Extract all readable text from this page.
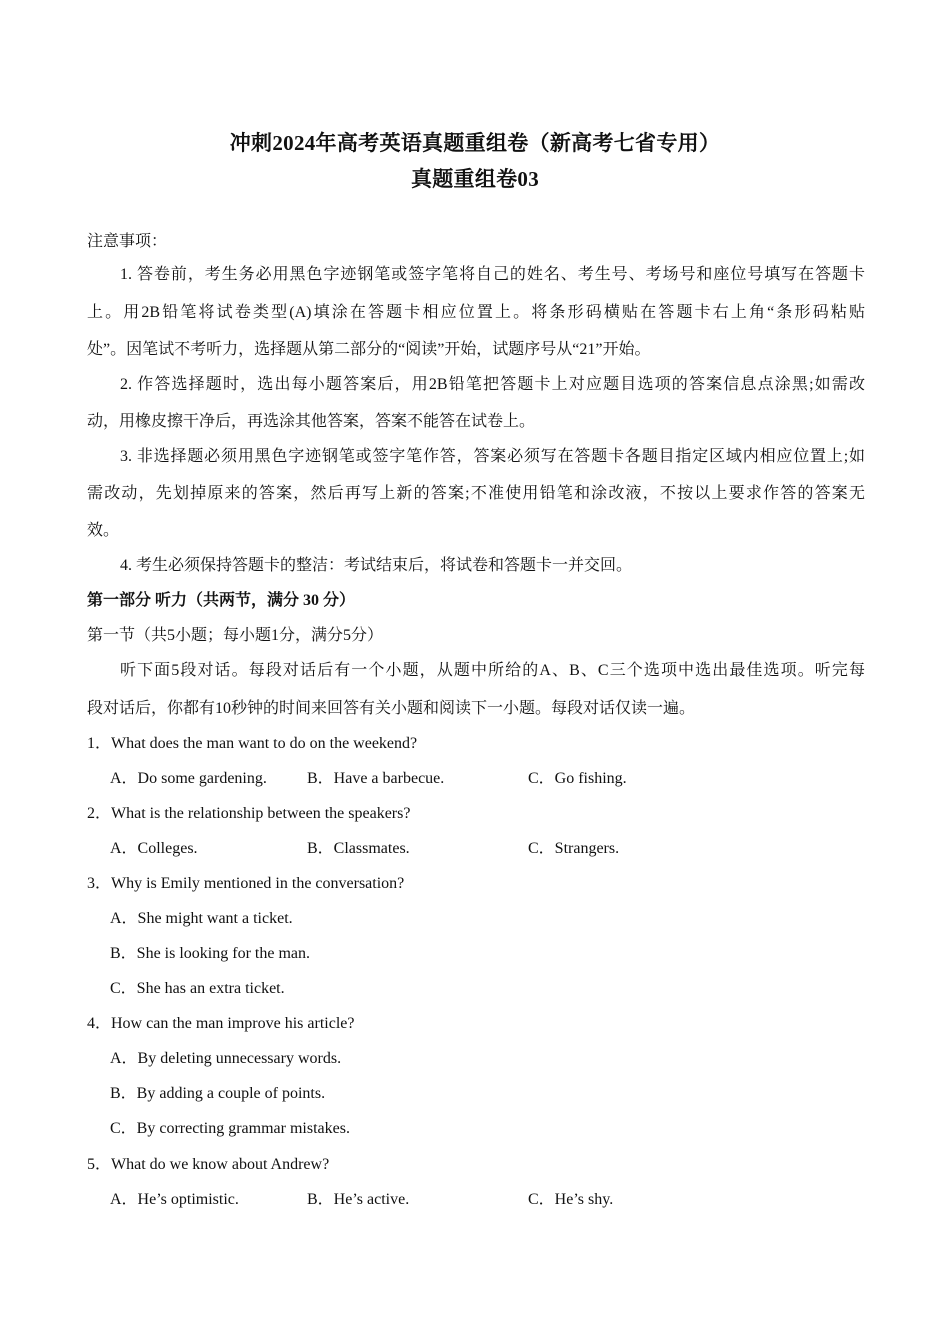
冲刺2024年高考英语真题重组卷（新高考七省专用）
真题重组卷03
注意事项：
1. 答卷前，考生务必用黑色字迹钢笔或签字笔将自己的姓名、考生号、考场号和座位号填写在答题卡
上。用2B铅笔将试卷类型(A)填涂在答题卡相应位置上。将条形码横贴在答题卡右上角“条形码粘贴
处”。因笔试不考听力，选择题从第二部分的“阅读”开始，试题序号从“21”开始。
2. 作答选择题时，选出每小题答案后，用2B铅笔把答题卡上对应题目选项的答案信息点涂黑;如需改
动，用橡皮擦干净后，再选涂其他答案，答案不能答在试卷上。
3. 非选择题必须用黑色字迹钢笔或签字笔作答，答案必须写在答题卡各题目指定区域内相应位置上;如
需改动，先划掉原来的答案，然后再写上新的答案;不准使用铅笔和涂改液，不按以上要求作答的答案无
效。
4. 考生必须保持答题卡的整洁：考试结束后，将试卷和答题卡一并交回。
第一部分 听力（共两节，满分 30 分）
第一节（共5小题；每小题1分，满分5分）
听下面5段对话。每段对话后有一个小题，从题中所给的A、B、C三个选项中选出最佳选项。听完每
段对话后，你都有10秒钟的时间来回答有关小题和阅读下一小题。每段对话仅读一遍。
1．What does the man want to do on the weekend?
A．Do some gardening.	B．Have a barbecue.	C．Go fishing.
2．What is the relationship between the speakers?
A．Colleges.	B．Classmates.	C．Strangers.
3．Why is Emily mentioned in the conversation?
A．She might want a ticket.
B．She is looking for the man.
C．She has an extra ticket.
4．How can the man improve his article?
A．By deleting unnecessary words.
B．By adding a couple of points.
C．By correcting grammar mistakes.
5．What do we know about Andrew?
A．He’s optimistic.	B．He’s active.	C．He’s shy.
